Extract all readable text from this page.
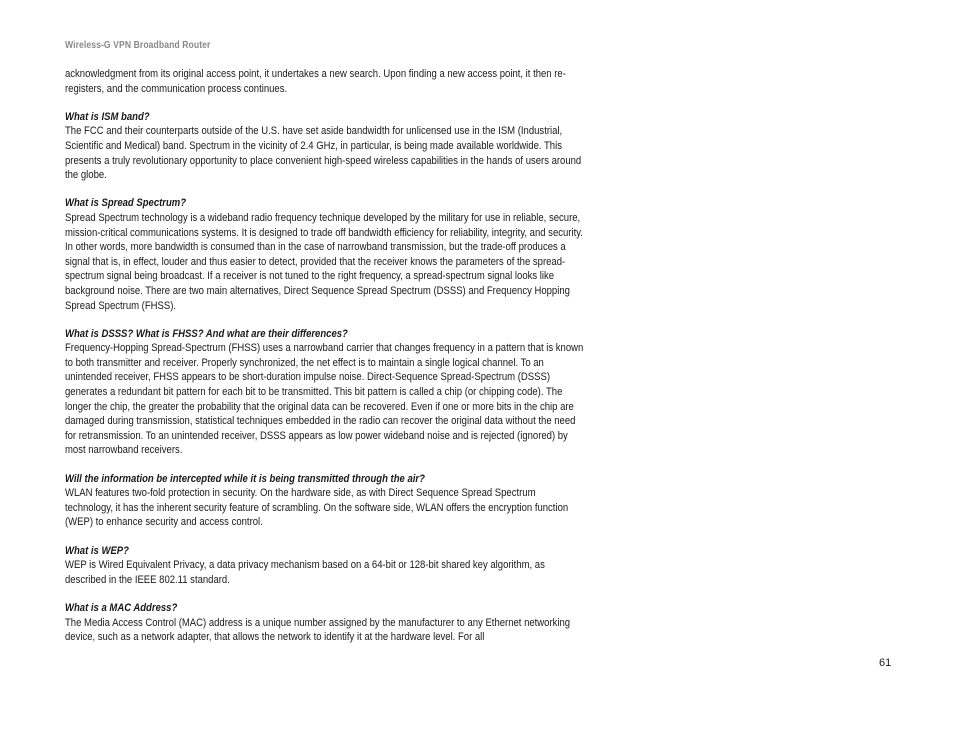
Wireless-G VPN Broadband Router

acknowledgment from its original access point, it undertakes a new search. Upon finding a new access point, it then re-registers, and the communication process continues.

What is ISM band?

The FCC and their counterparts outside of the U.S. have set aside bandwidth for unlicensed use in the ISM (Industrial, Scientific and Medical) band. Spectrum in the vicinity of 2.4 GHz, in particular, is being made available worldwide. This presents a truly revolutionary opportunity to place convenient high-speed wireless capabilities in the hands of users around the globe.

What is Spread Spectrum?

Spread Spectrum technology is a wideband radio frequency technique developed by the military for use in reliable, secure, mission-critical communications systems. It is designed to trade off bandwidth efficiency for reliability, integrity, and security. In other words, more bandwidth is consumed than in the case of narrowband transmission, but the trade-off produces a signal that is, in effect, louder and thus easier to detect, provided that the receiver knows the parameters of the spread-spectrum signal being broadcast. If a receiver is not tuned to the right frequency, a spread-spectrum signal looks like background noise. There are two main alternatives, Direct Sequence Spread Spectrum (DSSS) and Frequency Hopping Spread Spectrum (FHSS).

What is DSSS? What is FHSS? And what are their differences?

Frequency-Hopping Spread-Spectrum (FHSS) uses a narrowband carrier that changes frequency in a pattern that is known to both transmitter and receiver. Properly synchronized, the net effect is to maintain a single logical channel. To an unintended receiver, FHSS appears to be short-duration impulse noise. Direct-Sequence Spread-Spectrum (DSSS) generates a redundant bit pattern for each bit to be transmitted. This bit pattern is called a chip (or chipping code). The longer the chip, the greater the probability that the original data can be recovered. Even if one or more bits in the chip are damaged during transmission, statistical techniques embedded in the radio can recover the original data without the need for retransmission. To an unintended receiver, DSSS appears as low power wideband noise and is rejected (ignored) by most narrowband receivers.

Will the information be intercepted while it is being transmitted through the air?

WLAN features two-fold protection in security. On the hardware side, as with Direct Sequence Spread Spectrum technology, it has the inherent security feature of scrambling. On the software side, WLAN offers the encryption function (WEP) to enhance security and access control.

What is WEP?

WEP is Wired Equivalent Privacy, a data privacy mechanism based on a 64-bit or 128-bit shared key algorithm, as described in the IEEE 802.11 standard.

What is a MAC Address?

The Media Access Control (MAC) address is a unique number assigned by the manufacturer to any Ethernet networking device, such as a network adapter, that allows the network to identify it at the hardware level. For all

61
